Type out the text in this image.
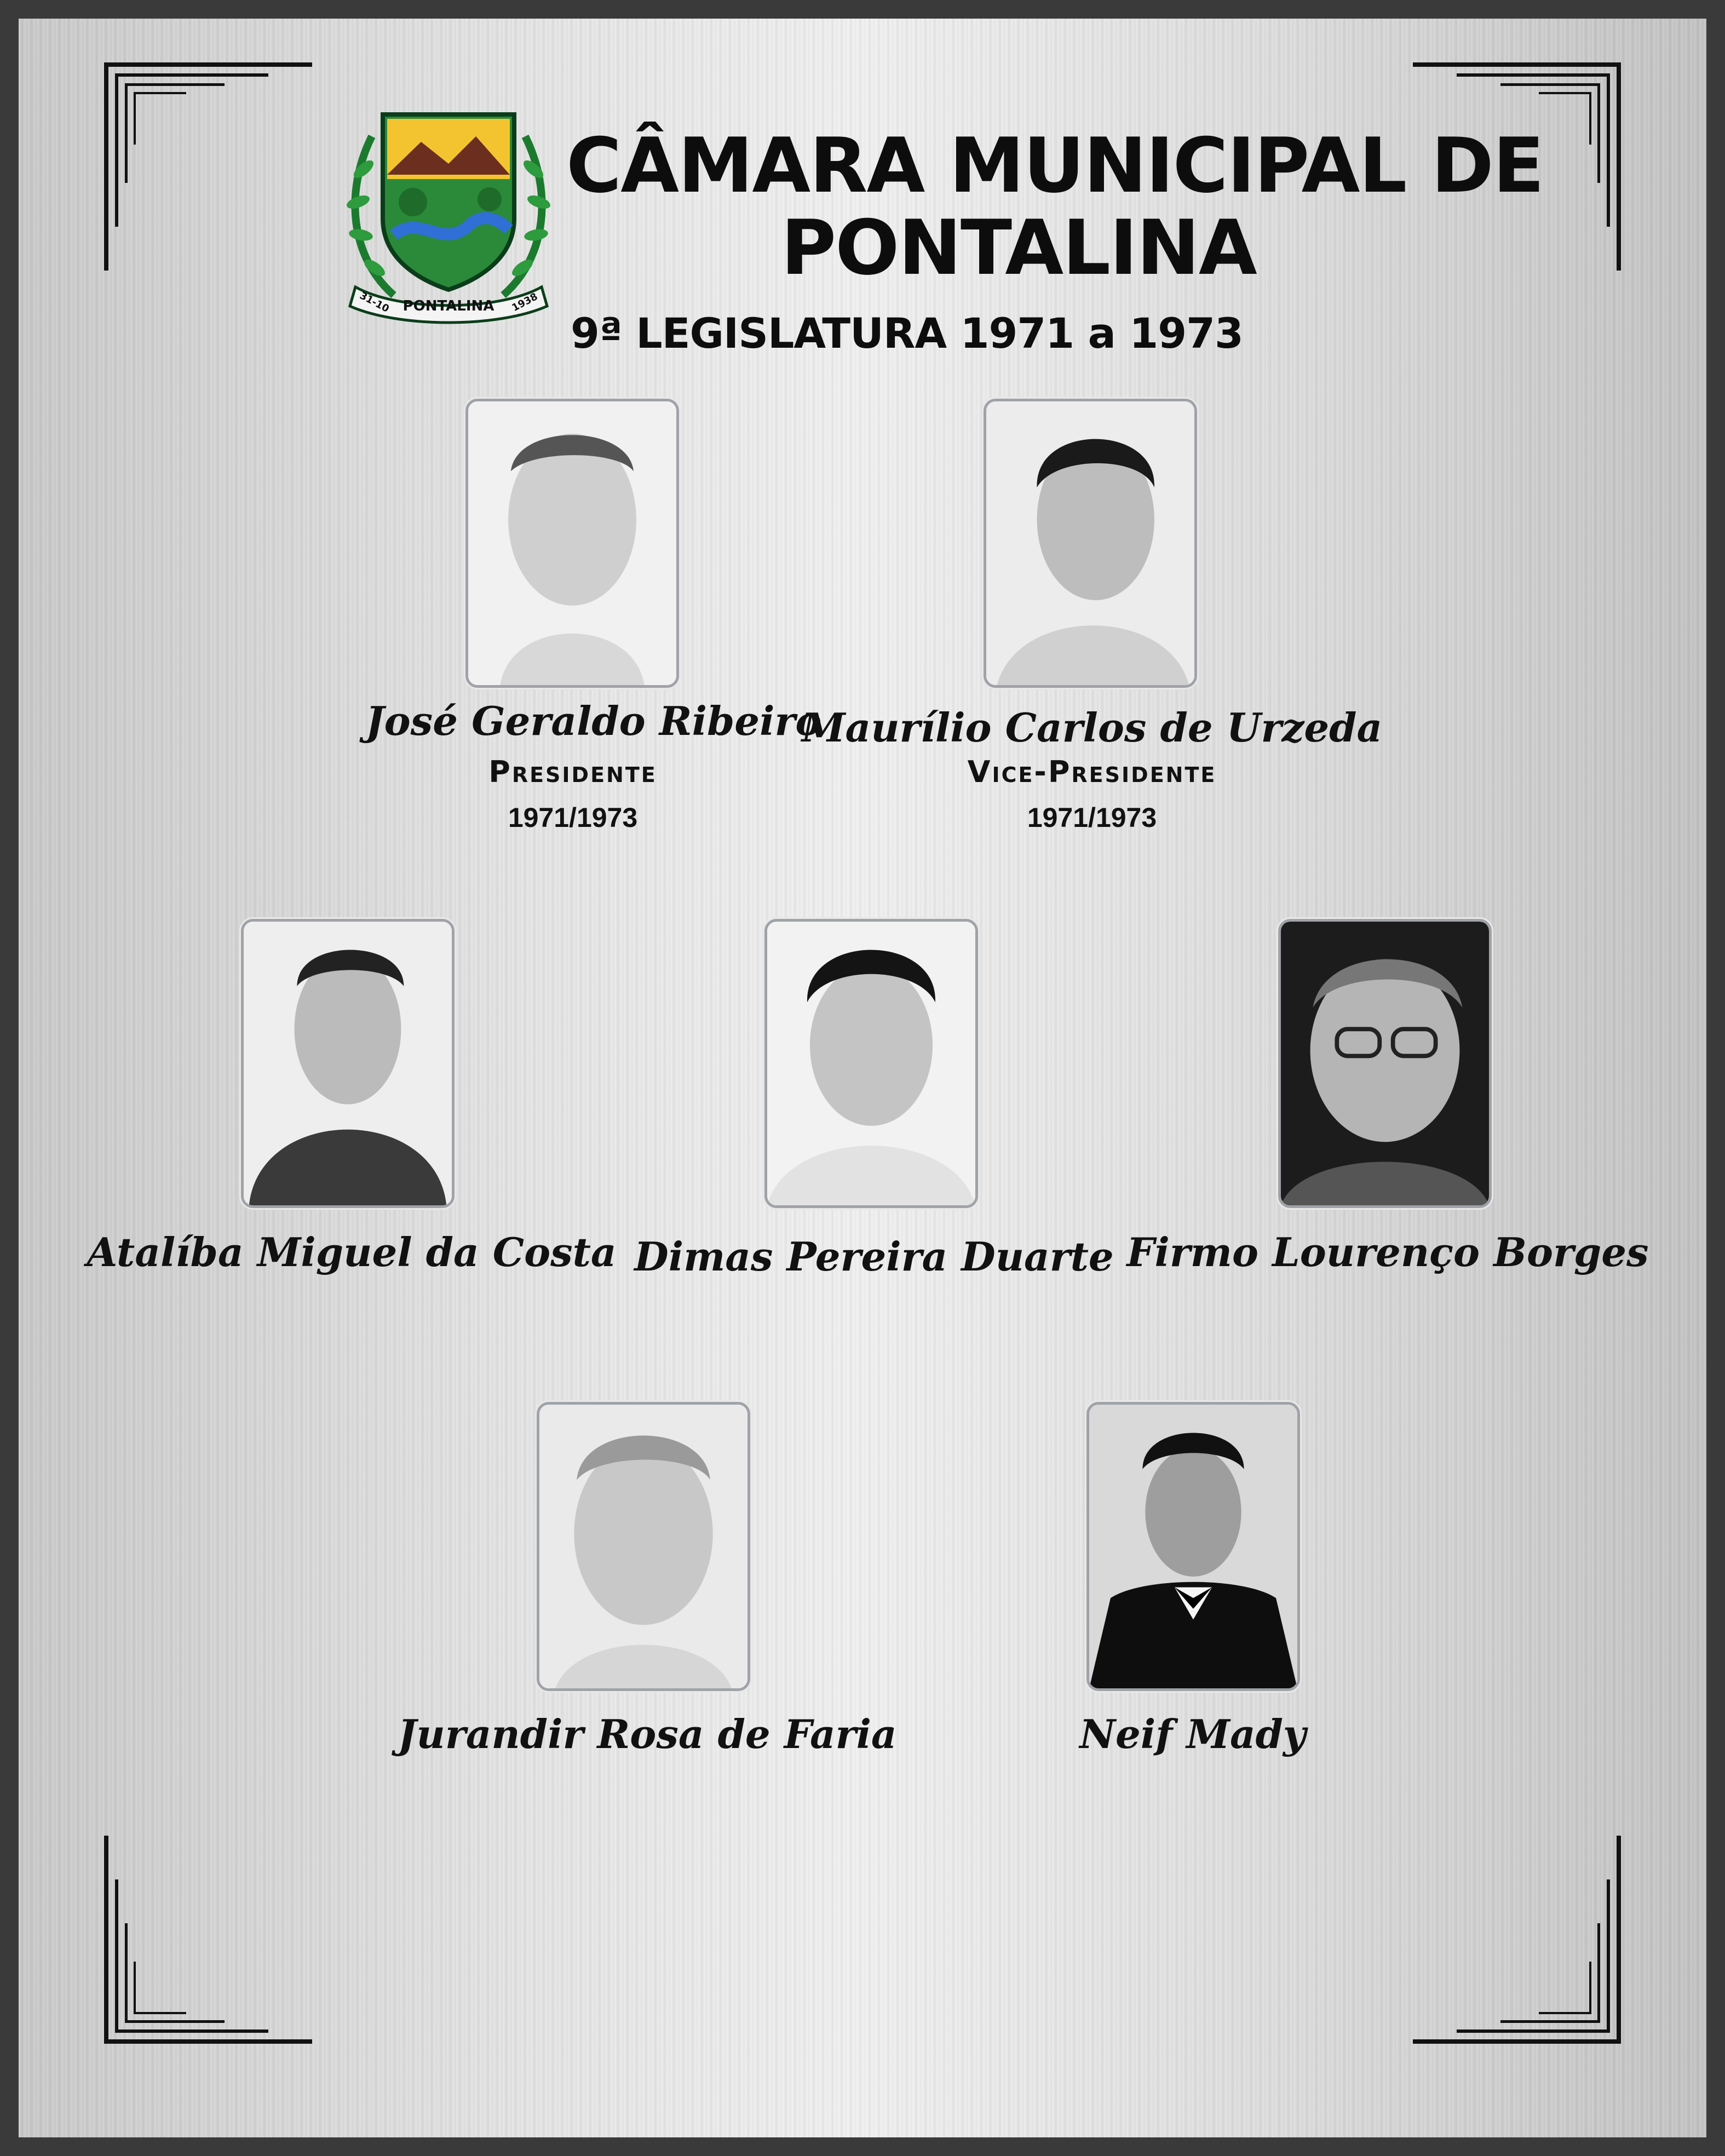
PONTALINA
31-10	1938
CÂMARA MUNICIPAL DE
PONTALINA
9ª LEGISLATURA 1971 a 1973
José Geraldo Ribeiro
Presidente
1971/1973
Maurílio Carlos de Urzeda
Vice-Presidente
1971/1973
Atalíba Miguel da Costa Dimas Pereira Duarte Firmo Lourenço Borges
Jurandir Rosa de Faria	Neif Mady
